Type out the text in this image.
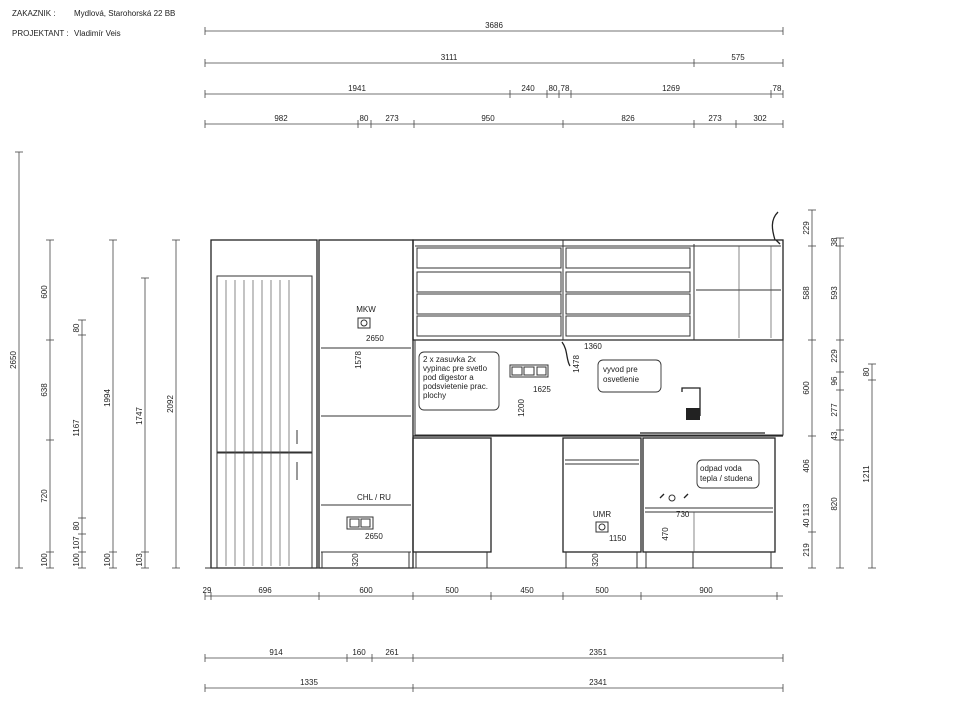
ZAKAZNIK :	Mydlová, Starohorská 22 BB
PROJEKTANT : Vladimír Veis
3686
3111	575
1941	240 80 78	1269	78
982	80 273	950	826	273	302
2650
600
638
720
100
80
1167
80
107
100
1994
100
1747
103
2092
229
588
600
406
219
38
593
229
96
277
43
820
113
40
80
1211
MKW
2650
1578
CHL / RU
2650
320
2 x zasuvka 2x
vypinac pre svetlo
pod digestor a
podsvietenie prac.
plochy
1625
1200
1360
1478	vyvod pre
osvetlenie
UMR
1150
320
odpad voda
tepla / studena
730
470
29	696	600	500	450	500	900
914	160 261	2351
1335	2341
